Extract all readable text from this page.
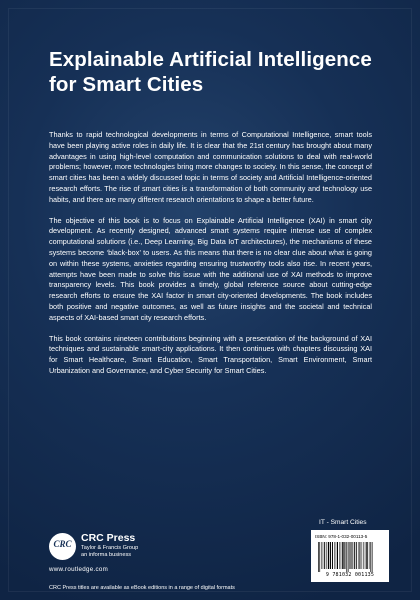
Explainable Artificial Intelligence for Smart Cities

Thanks to rapid technological developments in terms of Computational Intelligence, smart tools have been playing active roles in daily life. It is clear that the 21st century has brought about many advantages in using high-level computation and communication solutions to deal with real-world problems; however, more technologies bring more changes to society. In this sense, the concept of smart cities has been a widely discussed topic in terms of society and Artificial Intelligence-oriented research efforts. The rise of smart cities is a transformation of both community and technology use habits, and there are many different research orientations to shape a better future.

The objective of this book is to focus on Explainable Artificial Intelligence (XAI) in smart city development. As recently designed, advanced smart systems require intense use of complex computational solutions (i.e., Deep Learning, Big Data IoT architectures), the mechanisms of these systems become ‘black-box’ to users. As this means that there is no clear clue about what is going on within these systems, anxieties regarding ensuring trustworthy tools also rise. In recent years, attempts have been made to solve this issue with the additional use of XAI methods to improve transparency levels. This book provides a timely, global reference source about cutting-edge research efforts to ensure the XAI factor in smart city-oriented developments. The book includes both positive and negative outcomes, as well as future insights and the societal and technical aspects of XAI-based smart city research efforts.

This book contains nineteen contributions beginning with a presentation of the background of XAI techniques and sustainable smart-city applications. It then continues with chapters discussing XAI for Smart Healthcare, Smart Education, Smart Transportation, Smart Environment, Smart Urbanization and Governance, and Cyber Security for Smart Cities.

IT - Smart Cities
CRC CRC Press
Taylor & Francis Group
an informa business
www.routledge.com
CRC Press titles are available as eBook editions in a range of digital formats
ISBN: 978-1-032-00113-5
9 781032 001135
